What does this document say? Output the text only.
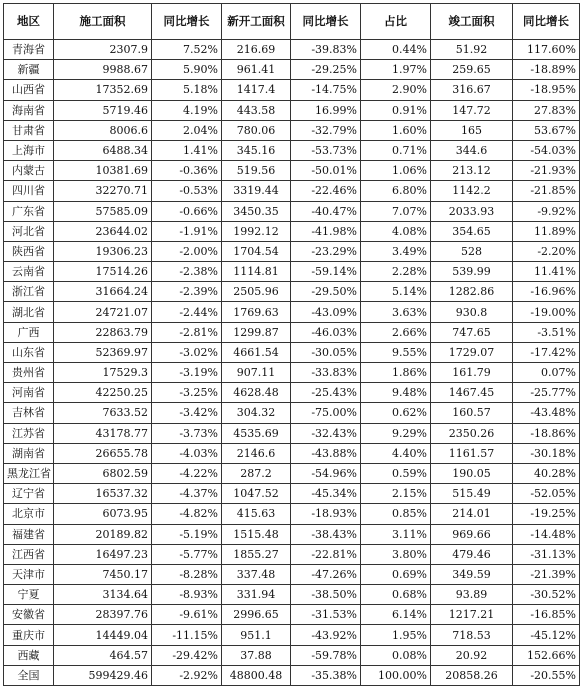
地区	施工面积	同比增长	新开工面积	同比增长	占比	竣工面积	同比增长
青海省	2307.9	7.52%	216.69	-39.83%	0.44%	51.92	117.60%
新疆	9988.67	5.90%	961.41	-29.25%	1.97%	259.65	-18.89%
山西省	17352.69	5.18%	1417.4	-14.75%	2.90%	316.67	-18.95%
海南省	5719.46	4.19%	443.58	16.99%	0.91%	147.72	27.83%
甘肃省	8006.6	2.04%	780.06	-32.79%	1.60%	165	53.67%
上海市	6488.34	1.41%	345.16	-53.73%	0.71%	344.6	-54.03%
内蒙古	10381.69	-0.36%	519.56	-50.01%	1.06%	213.12	-21.93%
四川省	32270.71	-0.53%	3319.44	-22.46%	6.80%	1142.2	-21.85%
广东省	57585.09	-0.66%	3450.35	-40.47%	7.07%	2033.93	-9.92%
河北省	23644.02	-1.91%	1992.12	-41.98%	4.08%	354.65	11.89%
陕西省	19306.23	-2.00%	1704.54	-23.29%	3.49%	528	-2.20%
云南省	17514.26	-2.38%	1114.81	-59.14%	2.28%	539.99	11.41%
浙江省	31664.24	-2.39%	2505.96	-29.50%	5.14%	1282.86	-16.96%
湖北省	24721.07	-2.44%	1769.63	-43.09%	3.63%	930.8	-19.00%
广西	22863.79	-2.81%	1299.87	-46.03%	2.66%	747.65	-3.51%
山东省	52369.97	-3.02%	4661.54	-30.05%	9.55%	1729.07	-17.42%
贵州省	17529.3	-3.19%	907.11	-33.83%	1.86%	161.79	0.07%
河南省	42250.25	-3.25%	4628.48	-25.43%	9.48%	1467.45	-25.77%
吉林省	7633.52	-3.42%	304.32	-75.00%	0.62%	160.57	-43.48%
江苏省	43178.77	-3.73%	4535.69	-32.43%	9.29%	2350.26	-18.86%
湖南省	26655.78	-4.03%	2146.6	-43.88%	4.40%	1161.57	-30.18%
黑龙江省	6802.59	-4.22%	287.2	-54.96%	0.59%	190.05	40.28%
辽宁省	16537.32	-4.37%	1047.52	-45.34%	2.15%	515.49	-52.05%
北京市	6073.95	-4.82%	415.63	-18.93%	0.85%	214.01	-19.25%
福建省	20189.82	-5.19%	1515.48	-38.43%	3.11%	969.66	-14.48%
江西省	16497.23	-5.77%	1855.27	-22.81%	3.80%	479.46	-31.13%
天津市	7450.17	-8.28%	337.48	-47.26%	0.69%	349.59	-21.39%
宁夏	3134.64	-8.93%	331.94	-38.50%	0.68%	93.89	-30.52%
安徽省	28397.76	-9.61%	2996.65	-31.53%	6.14%	1217.21	-16.85%
重庆市	14449.04	-11.15%	951.1	-43.92%	1.95%	718.53	-45.12%
西藏	464.57	-29.42%	37.88	-59.78%	0.08%	20.92	152.66%
全国	599429.46	-2.92%	48800.48	-35.38%	100.00%	20858.26	-20.55%
